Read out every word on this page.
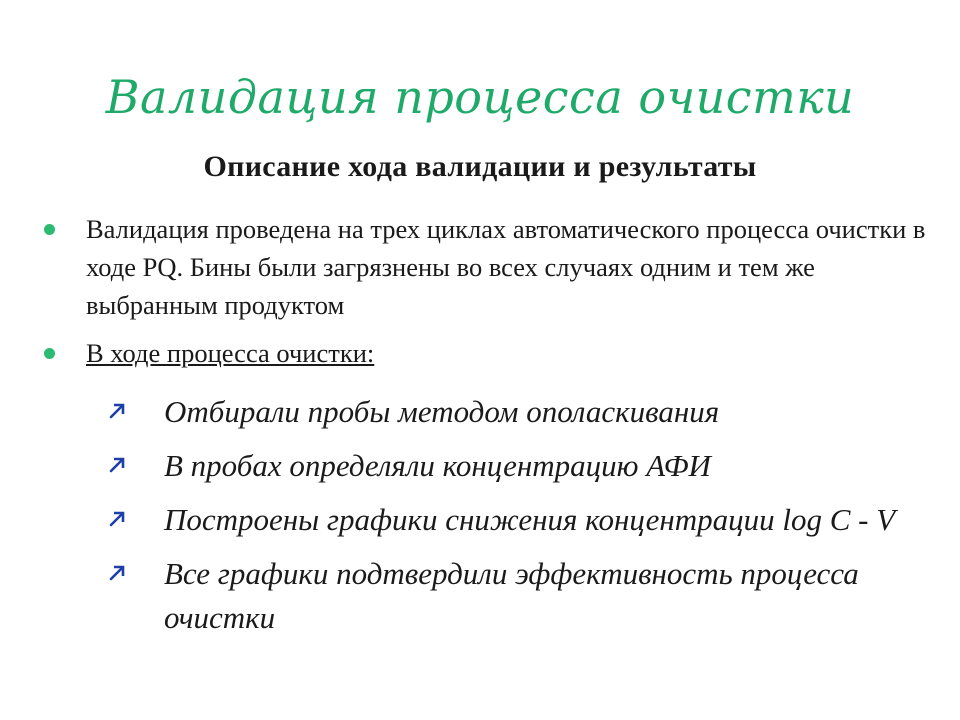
Валидация процесса очистки
Описание хода валидации и результаты
Валидация проведена на трех циклах автоматического процесса очистки в ходе PQ. Бины были загрязнены во всех случаях одним и тем же выбранным продуктом
В ходе процесса очистки:
Отбирали пробы методом ополаскивания
В пробах определяли концентрацию АФИ
Построены графики снижения концентрации log C - V
Все графики подтвердили эффективность процесса очистки
